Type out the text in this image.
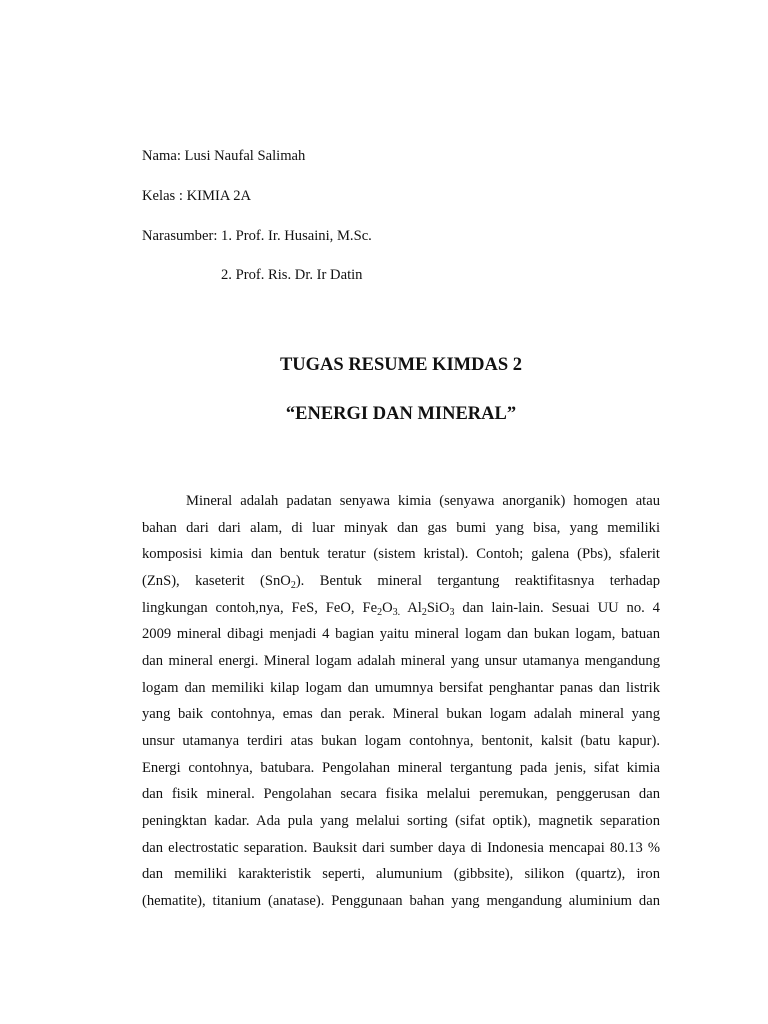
Nama: Lusi Naufal Salimah
Kelas : KIMIA 2A
Narasumber: 1. Prof. Ir. Husaini, M.Sc.
2. Prof. Ris. Dr. Ir Datin
TUGAS RESUME KIMDAS 2
“ENERGI DAN MINERAL”
Mineral adalah padatan senyawa kimia (senyawa anorganik) homogen atau
bahan dari dari alam, di luar minyak dan gas bumi yang bisa, yang memiliki
komposisi kimia dan bentuk teratur (sistem kristal). Contoh; galena (Pbs), sfalerit
(ZnS), kaseterit (SnO$_2$). Bentuk mineral tergantung reaktifitasnya terhadap
lingkungan contoh,nya, FeS, FeO, $Fe_2O_{3.}$ $Al_2SiO_3$ dan lain-lain. Sesuai UU no. 4
2009 mineral dibagi menjadi 4 bagian yaitu mineral logam dan bukan logam, batuan
dan mineral energi. Mineral logam adalah mineral yang unsur utamanya mengandung
logam dan memiliki kilap logam dan umumnya bersifat penghantar panas dan listrik
yang baik contohnya, emas dan perak. Mineral bukan logam adalah mineral yang
unsur utamanya terdiri atas bukan logam contohnya, bentonit, kalsit (batu kapur).
Energi contohnya, batubara. Pengolahan mineral tergantung pada jenis, sifat kimia
dan fisik mineral. Pengolahan secara fisika melalui peremukan, penggerusan dan
peningktan kadar. Ada pula yang melalui sorting (sifat optik), magnetik separation
dan electrostatic separation. Bauksit dari sumber daya di Indonesia mencapai 80.13 %
dan memiliki karakteristik seperti, alumunium (gibbsite), silikon (quartz), iron
(hematite), titanium (anatase). Penggunaan bahan yang mengandung aluminium dan
